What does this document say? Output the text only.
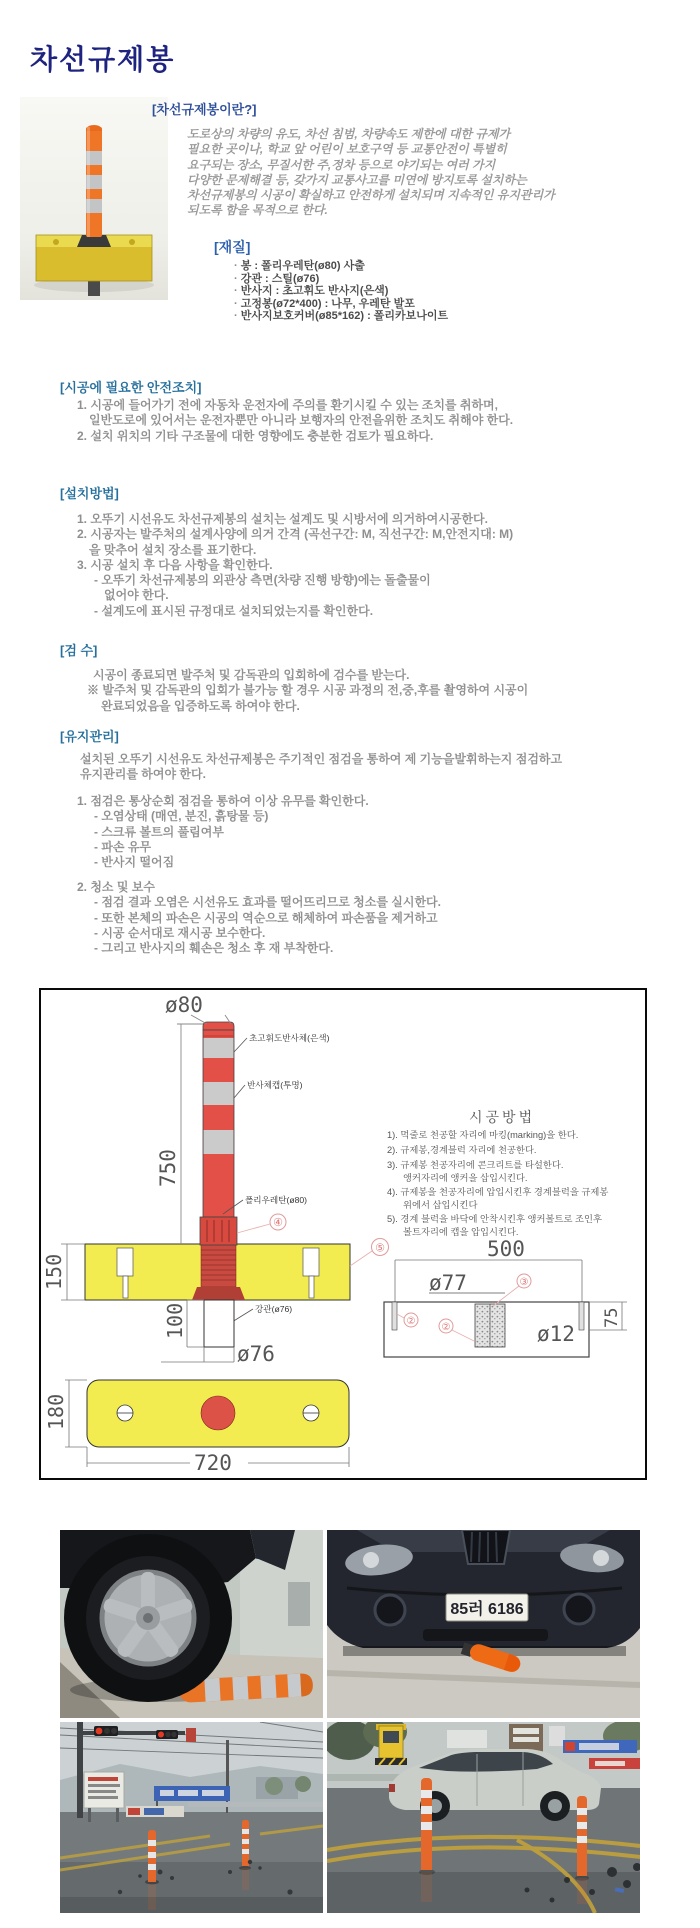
차선규제봉
[차선규제봉이란?]
도로상의 차량의 유도, 차선 침범, 차량속도 제한에 대한 규제가
필요한 곳이나, 학교 앞 어린이 보호구역 등 교통안전이 특별히
요구되는 장소, 무질서한 주,정차 등으로 야기되는 여러 가지
다양한 문제해결 등, 갖가지 교통사고를 미연에 방지토록 설치하는
차선규제봉의 시공이 확실하고 안전하게 설치되며 지속적인 유지관리가
되도록 함을 목적으로 한다.
[재질]
· 봉 : 폴리우레탄(ø80) 사출
· 강관 : 스틸(ø76)
· 반사지 : 초고휘도 반사지(은색)
· 고정봉(ø72*400) : 나무, 우레탄 발포
· 반사지보호커버(ø85*162) : 폴리카보나이트
[시공에 필요한 안전조치]
1. 시공에 들어가기 전에 자동차 운전자에 주의를 환기시킬 수 있는 조치를 취하며,
일반도로에 있어서는 운전자뿐만 아니라 보행자의 안전을위한 조치도 취해야 한다.
2. 설치 위치의 기타 구조물에 대한 영향에도 충분한 검토가 필요하다.
[설치방법]
1. 오뚜기 시선유도 차선규제봉의 설치는 설계도 및 시방서에 의거하여시공한다.
2. 시공자는 발주처의 설계사양에 의거 간격 (곡선구간: M, 직선구간: M,안전지대: M)
을 맞추어 설치 장소를 표기한다.
3. 시공 설치 후 다음 사항을 확인한다.
- 오뚜기 차선규제봉의 외관상 측면(차량 진행 방향)에는 돌출물이
없어야 한다.
- 설계도에 표시된 규정대로 설치되었는지를 확인한다.
[검 수]
시공이 종료되면 발주처 및 감독관의 입회하에 검수를 받는다.
※ 발주처 및 감독관의 입회가 불가능 할 경우 시공 과정의 전,중,후를 촬영하여 시공이
완료되었음을 입증하도록 하여야 한다.
[유지관리]
설치된 오뚜기 시선유도 차선규제봉은 주기적인 점검을 통하여 제 기능을발휘하는지 점검하고
유지관리를 하여야 한다.
1. 점검은 통상순회 점검을 통하여 이상 유무를 확인한다.
- 오염상태 (매연, 분진, 흙탕물 등)
- 스크류 볼트의 풀림여부
- 파손 유무
- 반사지 떨어짐
2. 청소 및 보수
- 점검 결과 오염은 시선유도 효과를 떨어뜨리므로 청소를 실시한다.
- 또한 본체의 파손은 시공의 역순으로 해체하여 파손품을 제거하고
- 시공 순서대로 재시공 보수한다.
- 그리고 반사지의 훼손은 청소 후 재 부착한다.
150
ø80
750
초고휘도반사체(은색)
반사체캡(투명)
폴리우레탄(ø80)
강관(ø76)
④
⑤
100
ø76
180
720
시공방법
1). 먹줄로 천공할 자리에 마킹(marking)을 한다.
2). 규제봉,경계블럭 자리에 천공한다.
3). 규제봉 천공자리에 콘크리트를 타설한다.
앵커자리에 앵커을 삽입시킨다.
4). 규제봉을 천공자리에 압입시킨후 경계블럭을 규제봉
위에서 삽입시킨다
5). 경계 블럭을 바닥에 안착시킨후 앵커볼트로 조인후
볼트자리에 캡을 압입시킨다.
500
ø77
ø12
75
③
②
②
85러 6186
